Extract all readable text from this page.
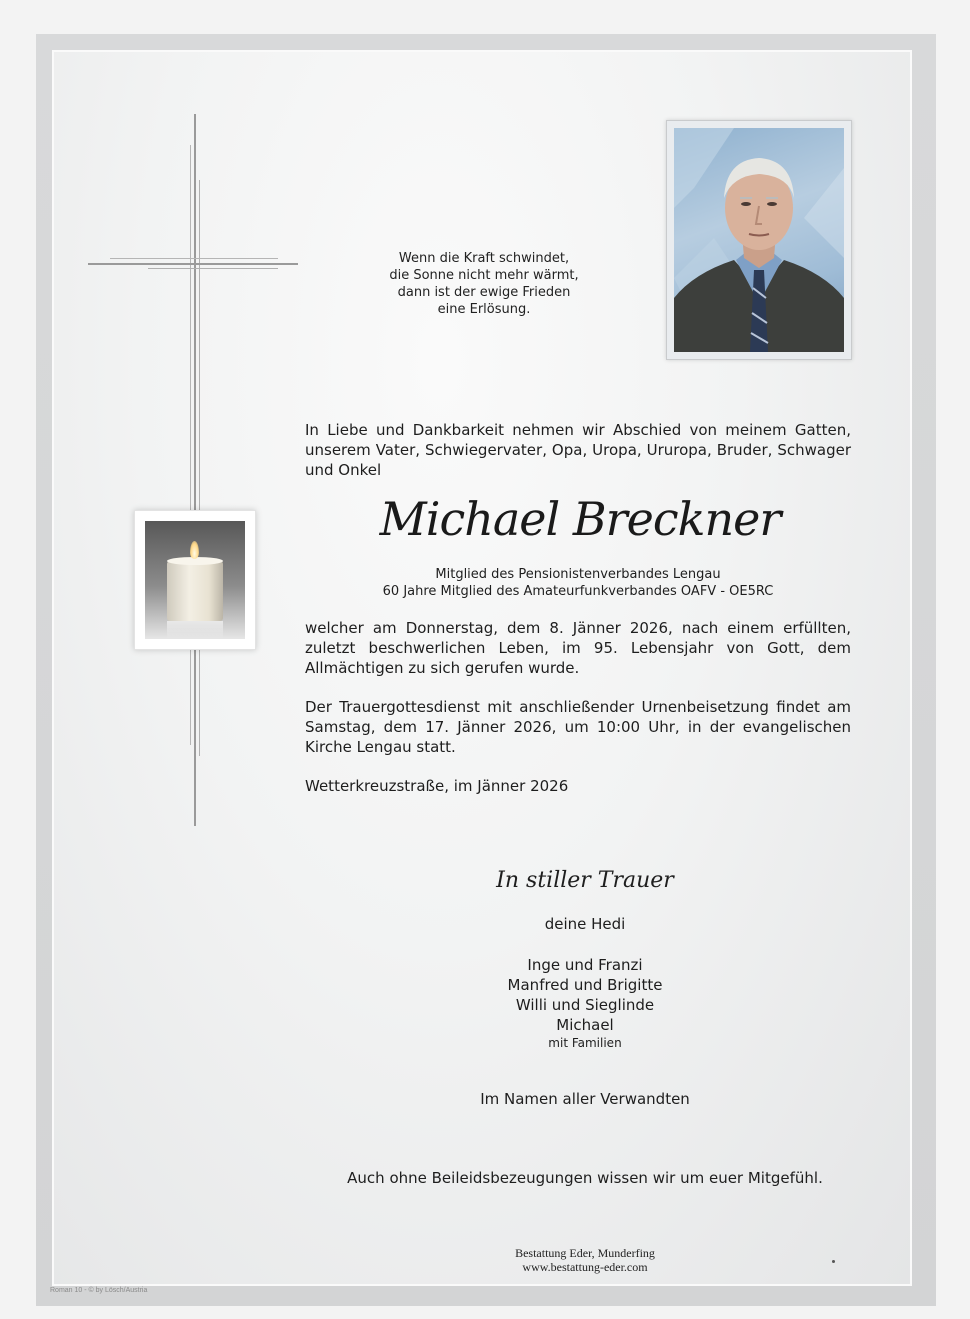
Wenn die Kraft schwindet,
die Sonne nicht mehr wärmt,
dann ist der ewige Frieden
eine Erlösung.
In Liebe und Dankbarkeit nehmen wir Abschied von meinem Gatten, unserem Vater, Schwiegervater, Opa, Uropa, Ururopa, Bruder, Schwager und Onkel
Michael Breckner
Mitglied des Pensionistenverbandes Lengau
60 Jahre Mitglied des Amateurfunkverbandes OAFV - OE5RC
welcher am Donnerstag, dem 8. Jänner 2026, nach einem erfüllten, zuletzt beschwerlichen Leben, im 95. Lebensjahr von Gott, dem Allmächtigen zu sich gerufen wurde.
Der Trauergottesdienst mit anschließender Urnenbeisetzung findet am Samstag, dem 17. Jänner 2026, um 10:00 Uhr, in der evangelischen Kirche Lengau statt.
Wetterkreuzstraße, im Jänner 2026
In stiller Trauer
deine Hedi
Inge und Franzi
Manfred und Brigitte
Willi und Sieglinde
Michael
mit Familien
Im Namen aller Verwandten
Auch ohne Beileidsbezeugungen wissen wir um euer Mitgefühl.
Bestattung Eder, Munderfing
www.bestattung-eder.com
Roman 10 - © by Lösch/Austria
